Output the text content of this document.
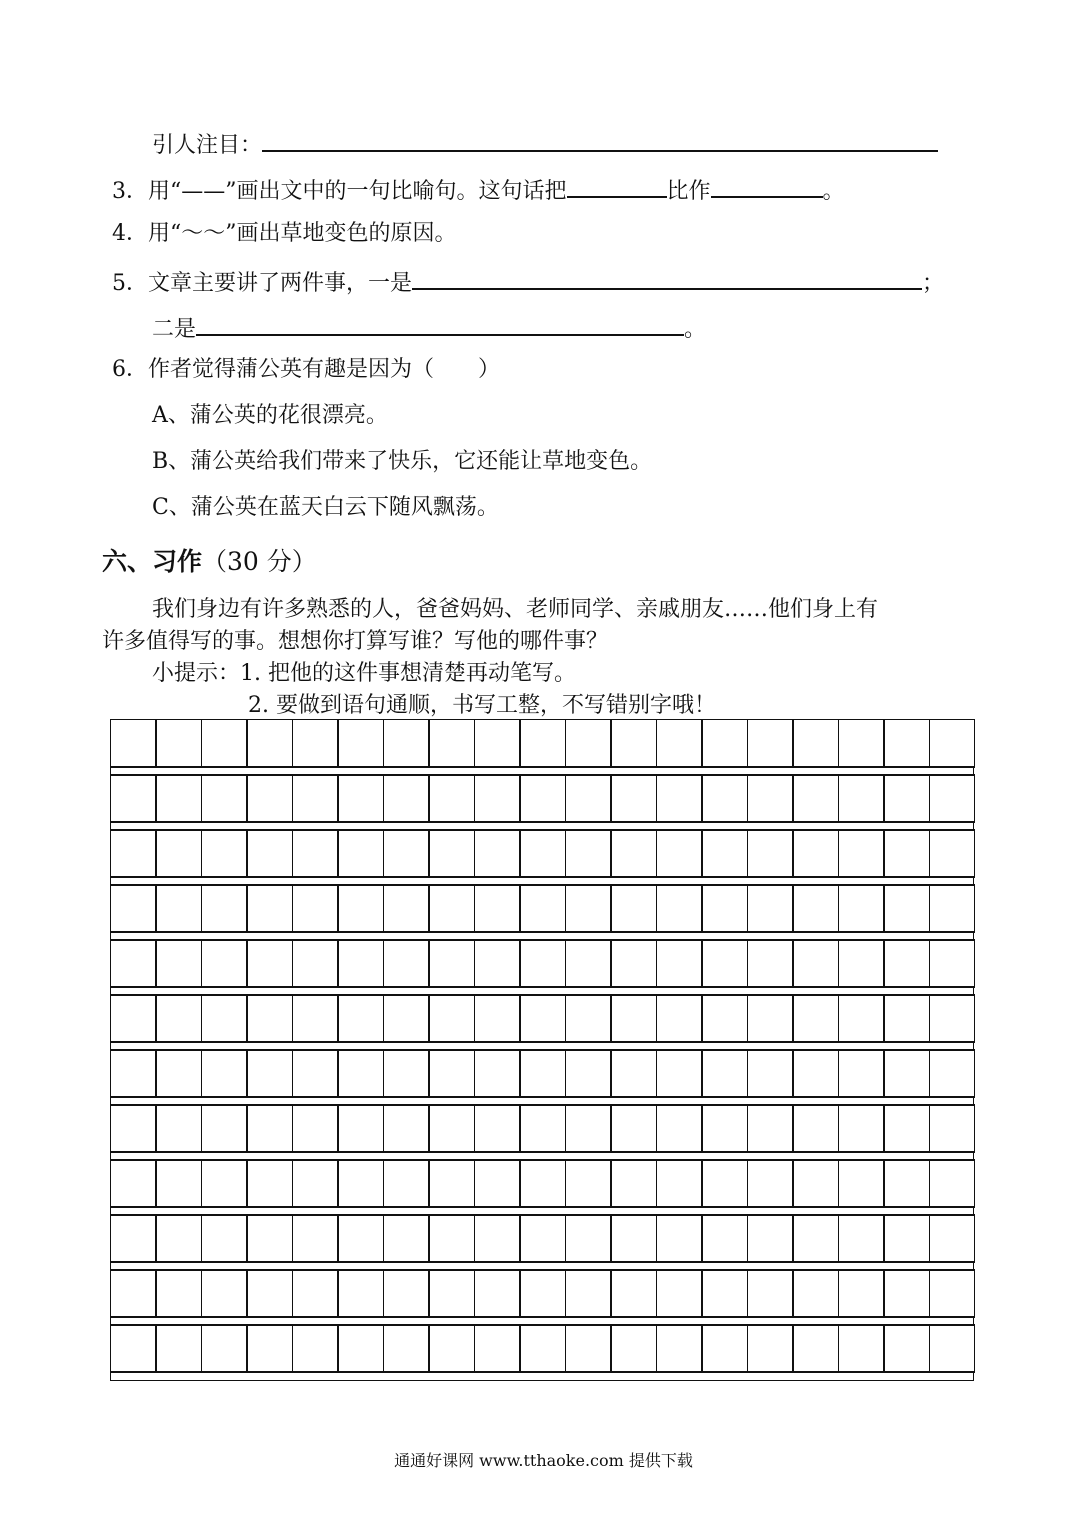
引人注目：
3．用“——”画出文中的一句比喻句。这句话把	比作	。
4．用“～～”画出草地变色的原因。
5．文章主要讲了两件事，一是	；
二是	。
6．作者觉得蒲公英有趣是因为（　　）
A、蒲公英的花很漂亮。
B、蒲公英给我们带来了快乐，它还能让草地变色。
C、蒲公英在蓝天白云下随风飘荡。
六、习作（30 分）
我们身边有许多熟悉的人，爸爸妈妈、老师同学、亲戚朋友……他们身上有
许多值得写的事。想想你打算写谁？写他的哪件事？
小提示：1. 把他的这件事想清楚再动笔写。
2. 要做到语句通顺，书写工整，不写错别字哦！
通通好课网 www.tthaoke.com 提供下载
